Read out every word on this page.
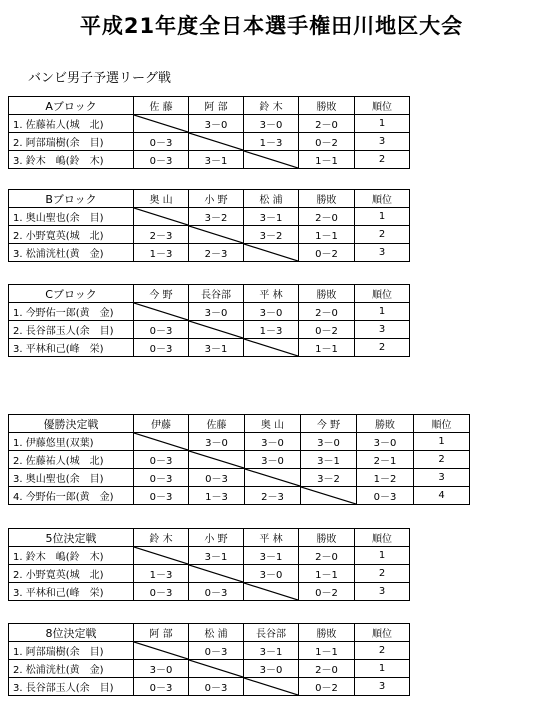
平成21年度全日本選手権田川地区大会
バンビ男子予選リーグ戦
Aブロック	佐 藤	阿 部	鈴 木	勝敗	順位
1. 佐藤祐人(城　北)		3－0	3－0	2－0	1
2. 阿部瑞樹(余　目)	0－3		1－3	0－2	3
3. 鈴木　嶋(鈴　木)	0－3	3－1		1－1	2
Bブロック	奥 山	小 野	松 浦	勝敗	順位
1. 奥山聖也(余　目)		3－2	3－1	2－0	1
2. 小野寛英(城　北)	2－3		3－2	1－1	2
3. 松浦洸杜(黄　金)	1－3	2－3		0－2	3
Cブロック	今 野	長谷部	平 林	勝敗	順位
1. 今野佑一郎(黄　金)		3－0	3－0	2－0	1
2. 長谷部玉人(余　目)	0－3		1－3	0－2	3
3. 平林和己(峰　栄)	0－3	3－1		1－1	2
優勝決定戦	伊藤	佐藤	奥 山	今 野	勝敗	順位
1. 伊藤悠里(双葉)		3－0	3－0	3－0	3－0	1
2. 佐藤祐人(城　北)	0－3		3－0	3－1	2－1	2
3. 奥山聖也(余　目)	0－3	0－3		3－2	1－2	3
4. 今野佑一郎(黄　金)	0－3	1－3	2－3		0－3	4
5位決定戦	鈴 木	小 野	平 林	勝敗	順位
1. 鈴木　嶋(鈴　木)		3－1	3－1	2－0	1
2. 小野寛英(城　北)	1－3		3－0	1－1	2
3. 平林和己(峰　栄)	0－3	0－3		0－2	3
8位決定戦	阿 部	松 浦	長谷部	勝敗	順位
1. 阿部瑞樹(余　目)		0－3	3－1	1－1	2
2. 松浦洸杜(黄　金)	3－0		3－0	2－0	1
3. 長谷部玉人(余　目)	0－3	0－3		0－2	3
